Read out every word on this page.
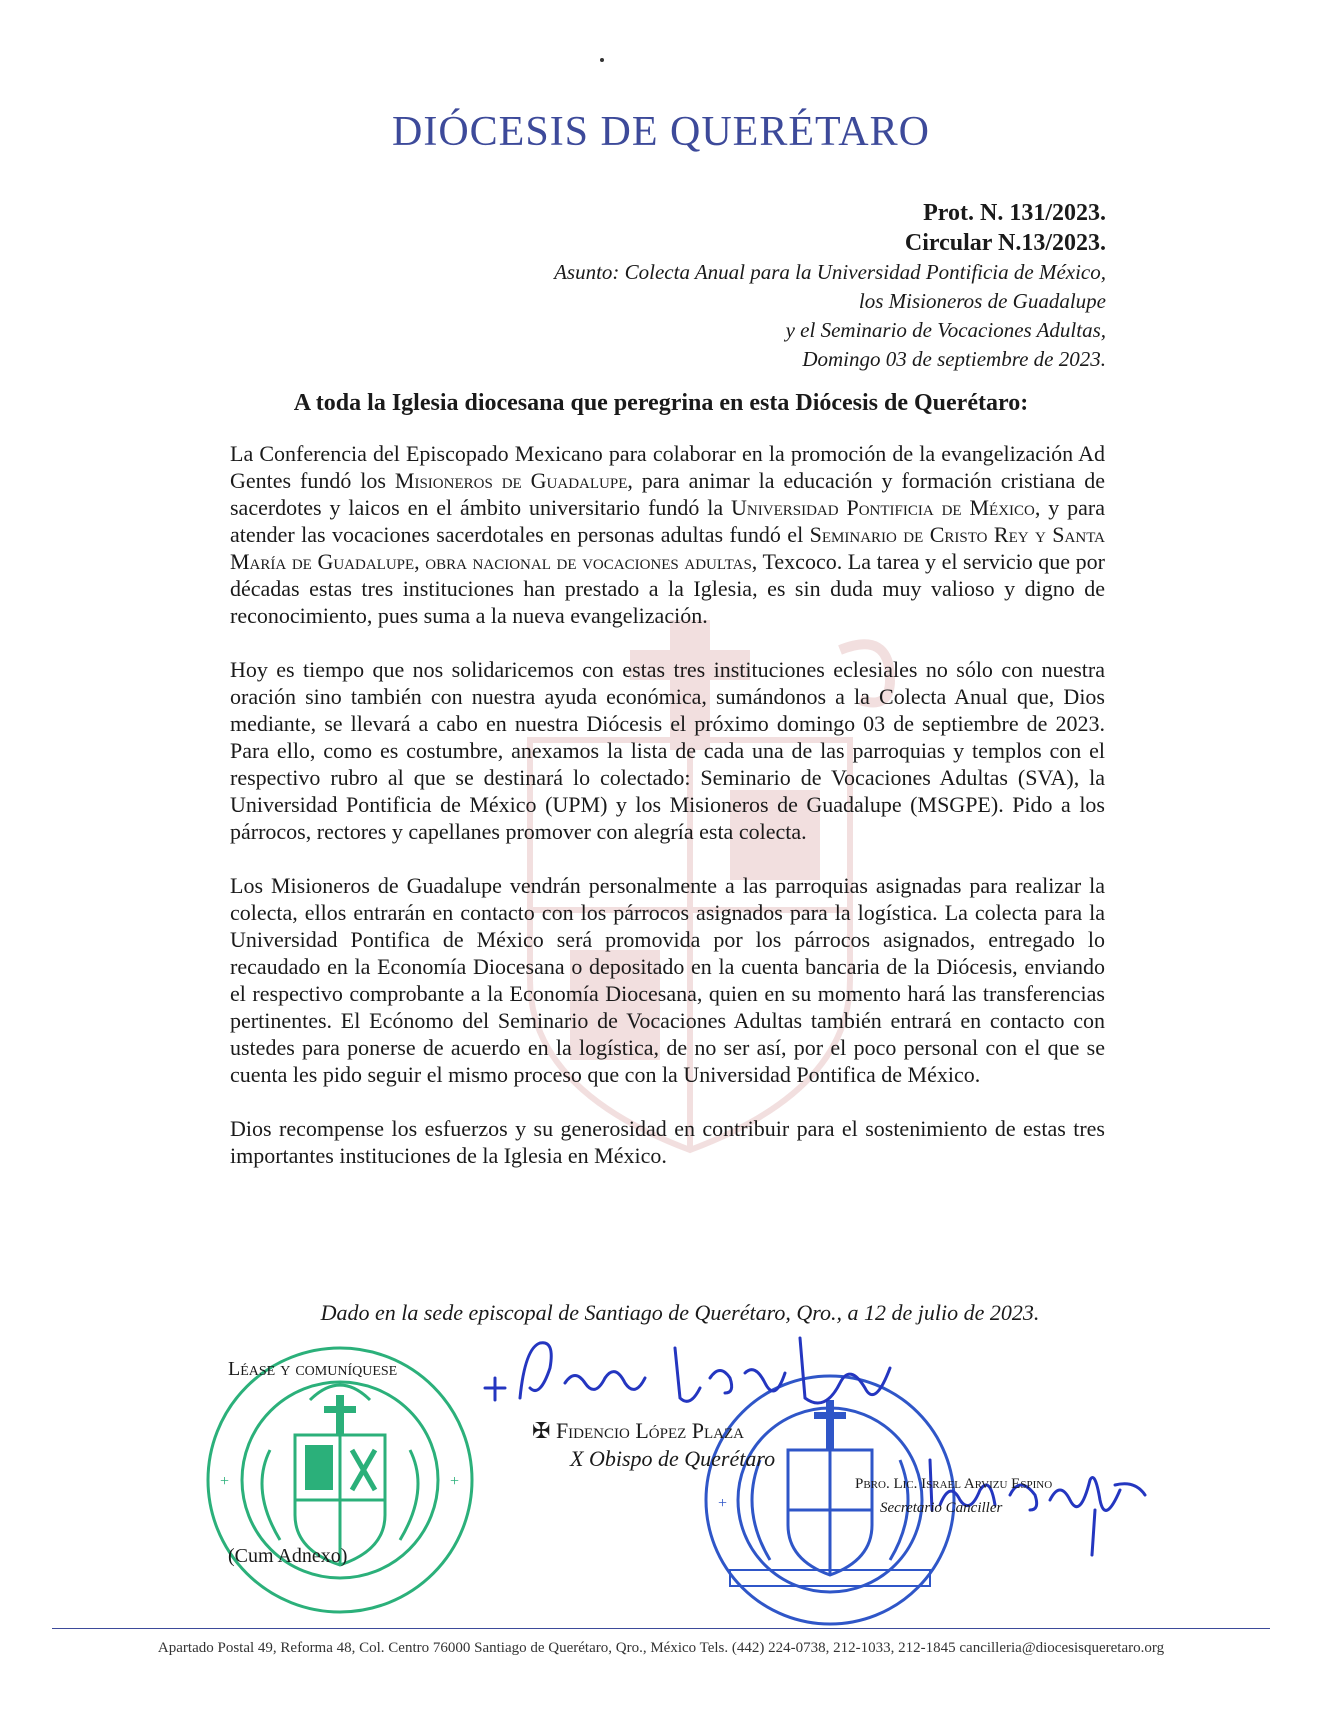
DIÓCESIS DE QUERÉTARO
Prot. N. 131/2023.
Circular N.13/2023.
Asunto: Colecta Anual para la Universidad Pontificia de México,
los Misioneros de Guadalupe
y el Seminario de Vocaciones Adultas,
Domingo 03 de septiembre de 2023.
A toda la Iglesia diocesana que peregrina en esta Diócesis de Querétaro:

La Conferencia del Episcopado Mexicano para colaborar en la promoción de la evangelización Ad Gentes fundó los Misioneros de Guadalupe, para animar la educación y formación cristiana de sacerdotes y laicos en el ámbito universitario fundó la Universidad Pontificia de México, y para atender las vocaciones sacerdotales en personas adultas fundó el Seminario de Cristo Rey y Santa María de Guadalupe, obra nacional de vocaciones adultas, Texcoco. La tarea y el servicio que por décadas estas tres instituciones han prestado a la Iglesia, es sin duda muy valioso y digno de reconocimiento, pues suma a la nueva evangelización.

Hoy es tiempo que nos solidaricemos con estas tres instituciones eclesiales no sólo con nuestra oración sino también con nuestra ayuda económica, sumándonos a la Colecta Anual que, Dios mediante, se llevará a cabo en nuestra Diócesis el próximo domingo 03 de septiembre de 2023. Para ello, como es costumbre, anexamos la lista de cada una de las parroquias y templos con el respectivo rubro al que se destinará lo colectado: Seminario de Vocaciones Adultas (SVA), la Universidad Pontificia de México (UPM) y los Misioneros de Guadalupe (MSGPE). Pido a los párrocos, rectores y capellanes promover con alegría esta colecta.

Los Misioneros de Guadalupe vendrán personalmente a las parroquias asignadas para realizar la colecta, ellos entrarán en contacto con los párrocos asignados para la logística. La colecta para la Universidad Pontifica de México será promovida por los párrocos asignados, entregado lo recaudado en la Economía Diocesana o depositado en la cuenta bancaria de la Diócesis, enviando el respectivo comprobante a la Economía Diocesana, quien en su momento hará las transferencias pertinentes. El Ecónomo del Seminario de Vocaciones Adultas también entrará en contacto con ustedes para ponerse de acuerdo en la logística, de no ser así, por el poco personal con el que se cuenta les pido seguir el mismo proceso que con la Universidad Pontifica de México.

Dios recompense los esfuerzos y su generosidad en contribuir para el sostenimiento de estas tres importantes instituciones de la Iglesia en México.

Dado en la sede episcopal de Santiago de Querétaro, Qro., a 12 de julio de 2023.
+	+
Léase y comuníquese
(Cum Adnexo)
+
✠ Fidencio López Plaza
X Obispo de Querétaro
Pbro. Lic. Israel Arvizu Espino
Secretario Canciller
Apartado Postal 49, Reforma 48, Col. Centro 76000 Santiago de Querétaro, Qro., México Tels. (442) 224-0738, 212-1033, 212-1845 cancilleria@diocesisqueretaro.org
